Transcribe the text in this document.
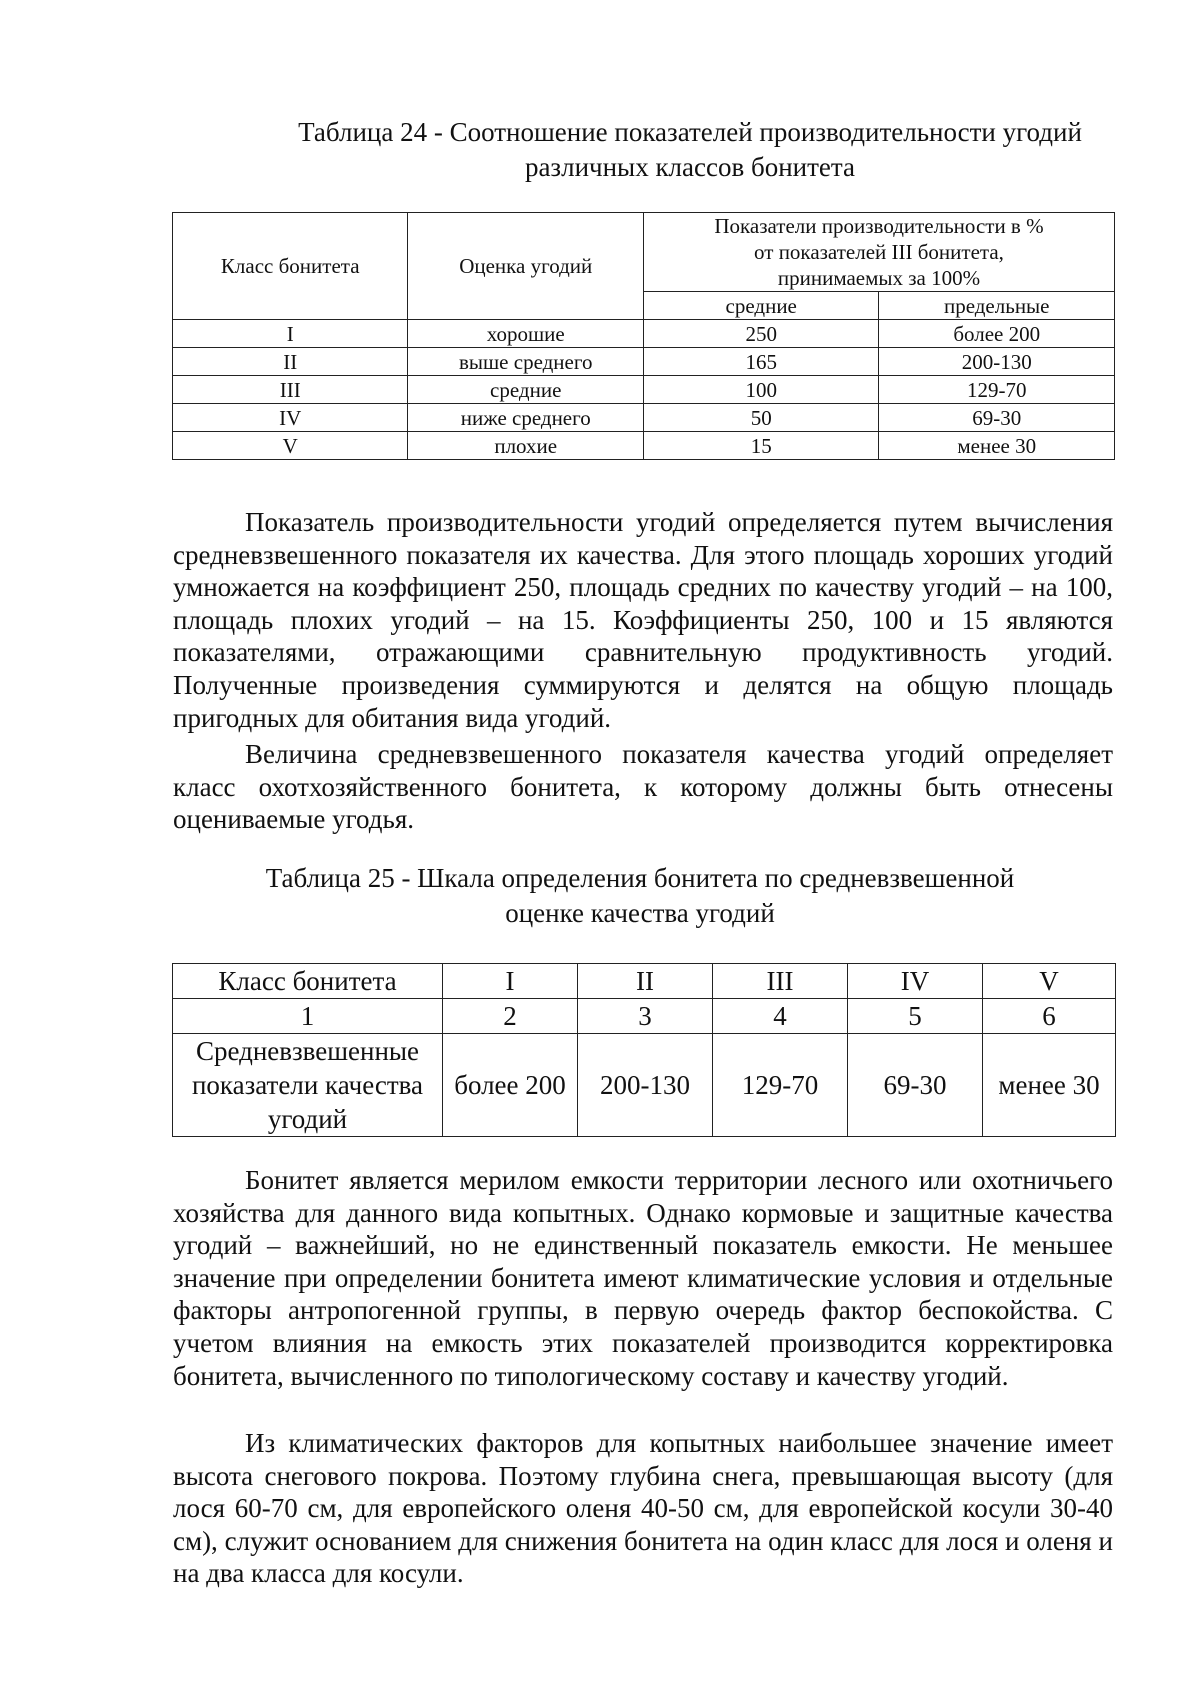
Таблица 24 - Соотношение показателей производительности угодий
различных классов бонитета
Класс бонитета	Оценка угодий	Показатели производительности в % от показателей III бонитета, принимаемых за 100%	
		средние	предельные
I	хорошие	250	более 200
II	выше среднего	165	200-130
III	средние	100	129-70
IV	ниже среднего	50	69-30
V	плохие	15	менее 30

Показатель производительности угодий определяется путем вычисления средневзвешенного показателя их качества. Для этого площадь хороших угодий умножается на коэффициент 250, площадь средних по качеству угодий – на 100, площадь плохих угодий – на 15. Коэффициенты 250, 100 и 15 являются показателями, отражающими сравнительную продуктивность угодий. Полученные произведения суммируются и делятся на общую площадь пригодных для обитания вида угодий.

Величина средневзвешенного показателя качества угодий определяет класс охотхозяйственного бонитета, к которому должны быть отнесены оцениваемые угодья.

Таблица 25 - Шкала определения бонитета по средневзвешенной
оценке качества угодий
Класс бонитета	I	II	III	IV	V
1	2	3	4	5	6
Средневзвешенные показатели качества угодий	более 200	200-130	129-70	69-30	менее 30

Бонитет является мерилом емкости территории лесного или охотничьего хозяйства для данного вида копытных. Однако кормовые и защитные качества угодий – важнейший, но не единственный показатель емкости. Не меньшее значение при определении бонитета имеют климатические условия и отдельные факторы антропогенной группы, в первую очередь фактор беспокойства. С учетом влияния на емкость этих показателей производится корректировка бонитета, вычисленного по типологическому составу и качеству угодий.

Из климатических факторов для копытных наибольшее значение имеет высота снегового покрова. Поэтому глубина снега, превышающая высоту (для лося 60-70 см, для европейского оленя 40-50 см, для европейской косули 30-40 см), служит основанием для снижения бонитета на один класс для лося и оленя и на два класса для косули.
